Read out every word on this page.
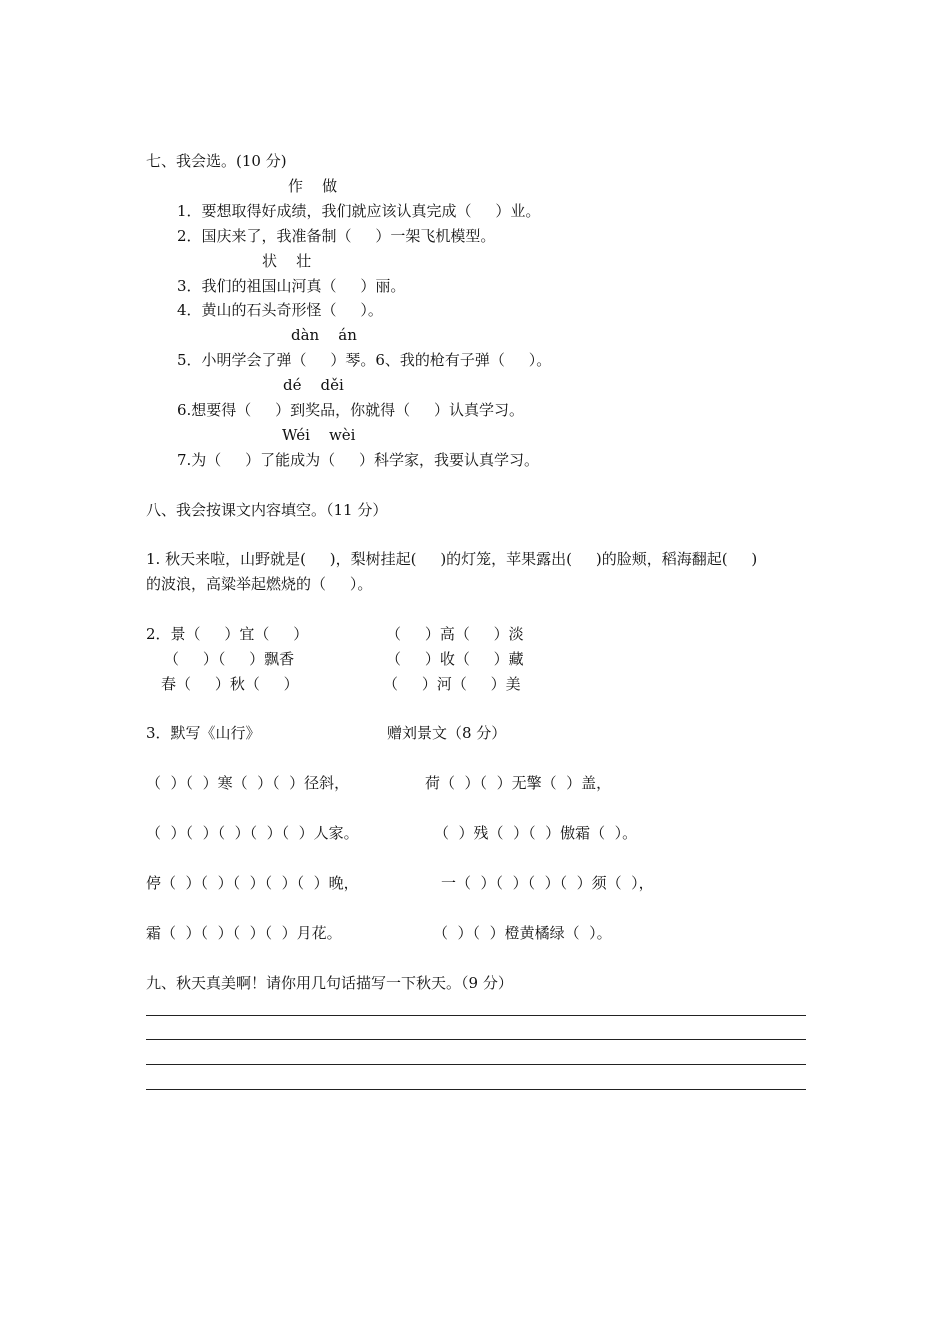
七、我会选。(10 分)
作    做
1．要想取得好成绩，我们就应该认真完成（     ）业。
2．国庆来了，我准备制（     ）一架飞机模型。
状    壮
3．我们的祖国山河真（     ）丽。
4．黄山的石头奇形怪（     ）。
dàn    án
5．小明学会了弹（     ）琴。6、我的枪有子弹（     ）。
dé    děi
6.想要得（     ）到奖品，你就得（     ）认真学习。
Wéi    wèi
7.为（     ）了能成为（     ）科学家，我要认真学习。
八、我会按课文内容填空。（11 分）
1. 秋天来啦，山野就是(     )，梨树挂起(     )的灯笼，苹果露出(     )的脸颊，稻海翻起(     )
的波浪，高粱举起燃烧的（     ）。
2．景（     ）宜（     ）	（     ）高（     ）淡
（     ）（     ）飘香	（     ）收（     ）藏
春（     ）秋（     ）	（     ）河（     ）美
3．默写《山行》	赠刘景文（8 分）
（  ）（  ）寒（  ）（  ）径斜，	荷（  ）（  ）无擎（  ）盖，
（  ）（  ）（  ）（  ）（  ）人家。	（  ）残（  ）（  ）傲霜（  ）。
停（  ）（  ）（  ）（  ）（  ）晚，	一（  ）（  ）（  ）（  ）须（  ），
霜（  ）（  ）（  ）（  ）月花。	（  ）（  ）橙黄橘绿（  ）。
九、秋天真美啊！请你用几句话描写一下秋天。（9 分）
